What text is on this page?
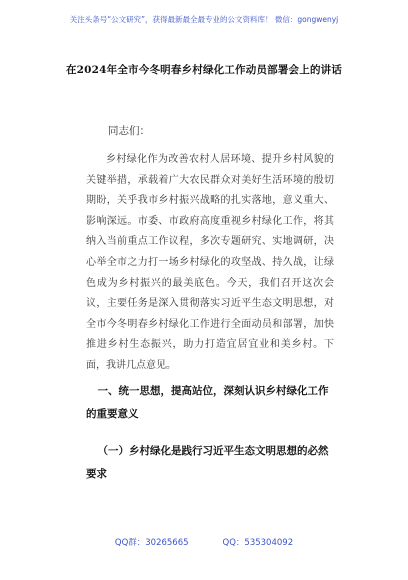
关注头条号“公文研究”，获得最新最全最专业的公文资料库！ 微信：gongwenyj
在2024年全市今冬明春乡村绿化工作动员部署会上的讲话
同志们：

乡村绿化作为改善农村人居环境、提升乡村风貌的关键举措，承载着广大农民群众对美好生活环境的殷切期盼，关乎我市乡村振兴战略的扎实落地，意义重大、影响深远。市委、市政府高度重视乡村绿化工作，将其纳入当前重点工作议程，多次专题研究、实地调研，决心举全市之力打一场乡村绿化的攻坚战、持久战，让绿色成为乡村振兴的最美底色。今天，我们召开这次会议，主要任务是深入贯彻落实习近平生态文明思想，对全市今冬明春乡村绿化工作进行全面动员和部署，加快推进乡村生态振兴，助力打造宜居宜业和美乡村。下面，我讲几点意见。

一、统一思想，提高站位，深刻认识乡村绿化工作的重要意义

（一）乡村绿化是践行习近平生态文明思想的必然要求

QQ群：30265665	QQ：535304092
